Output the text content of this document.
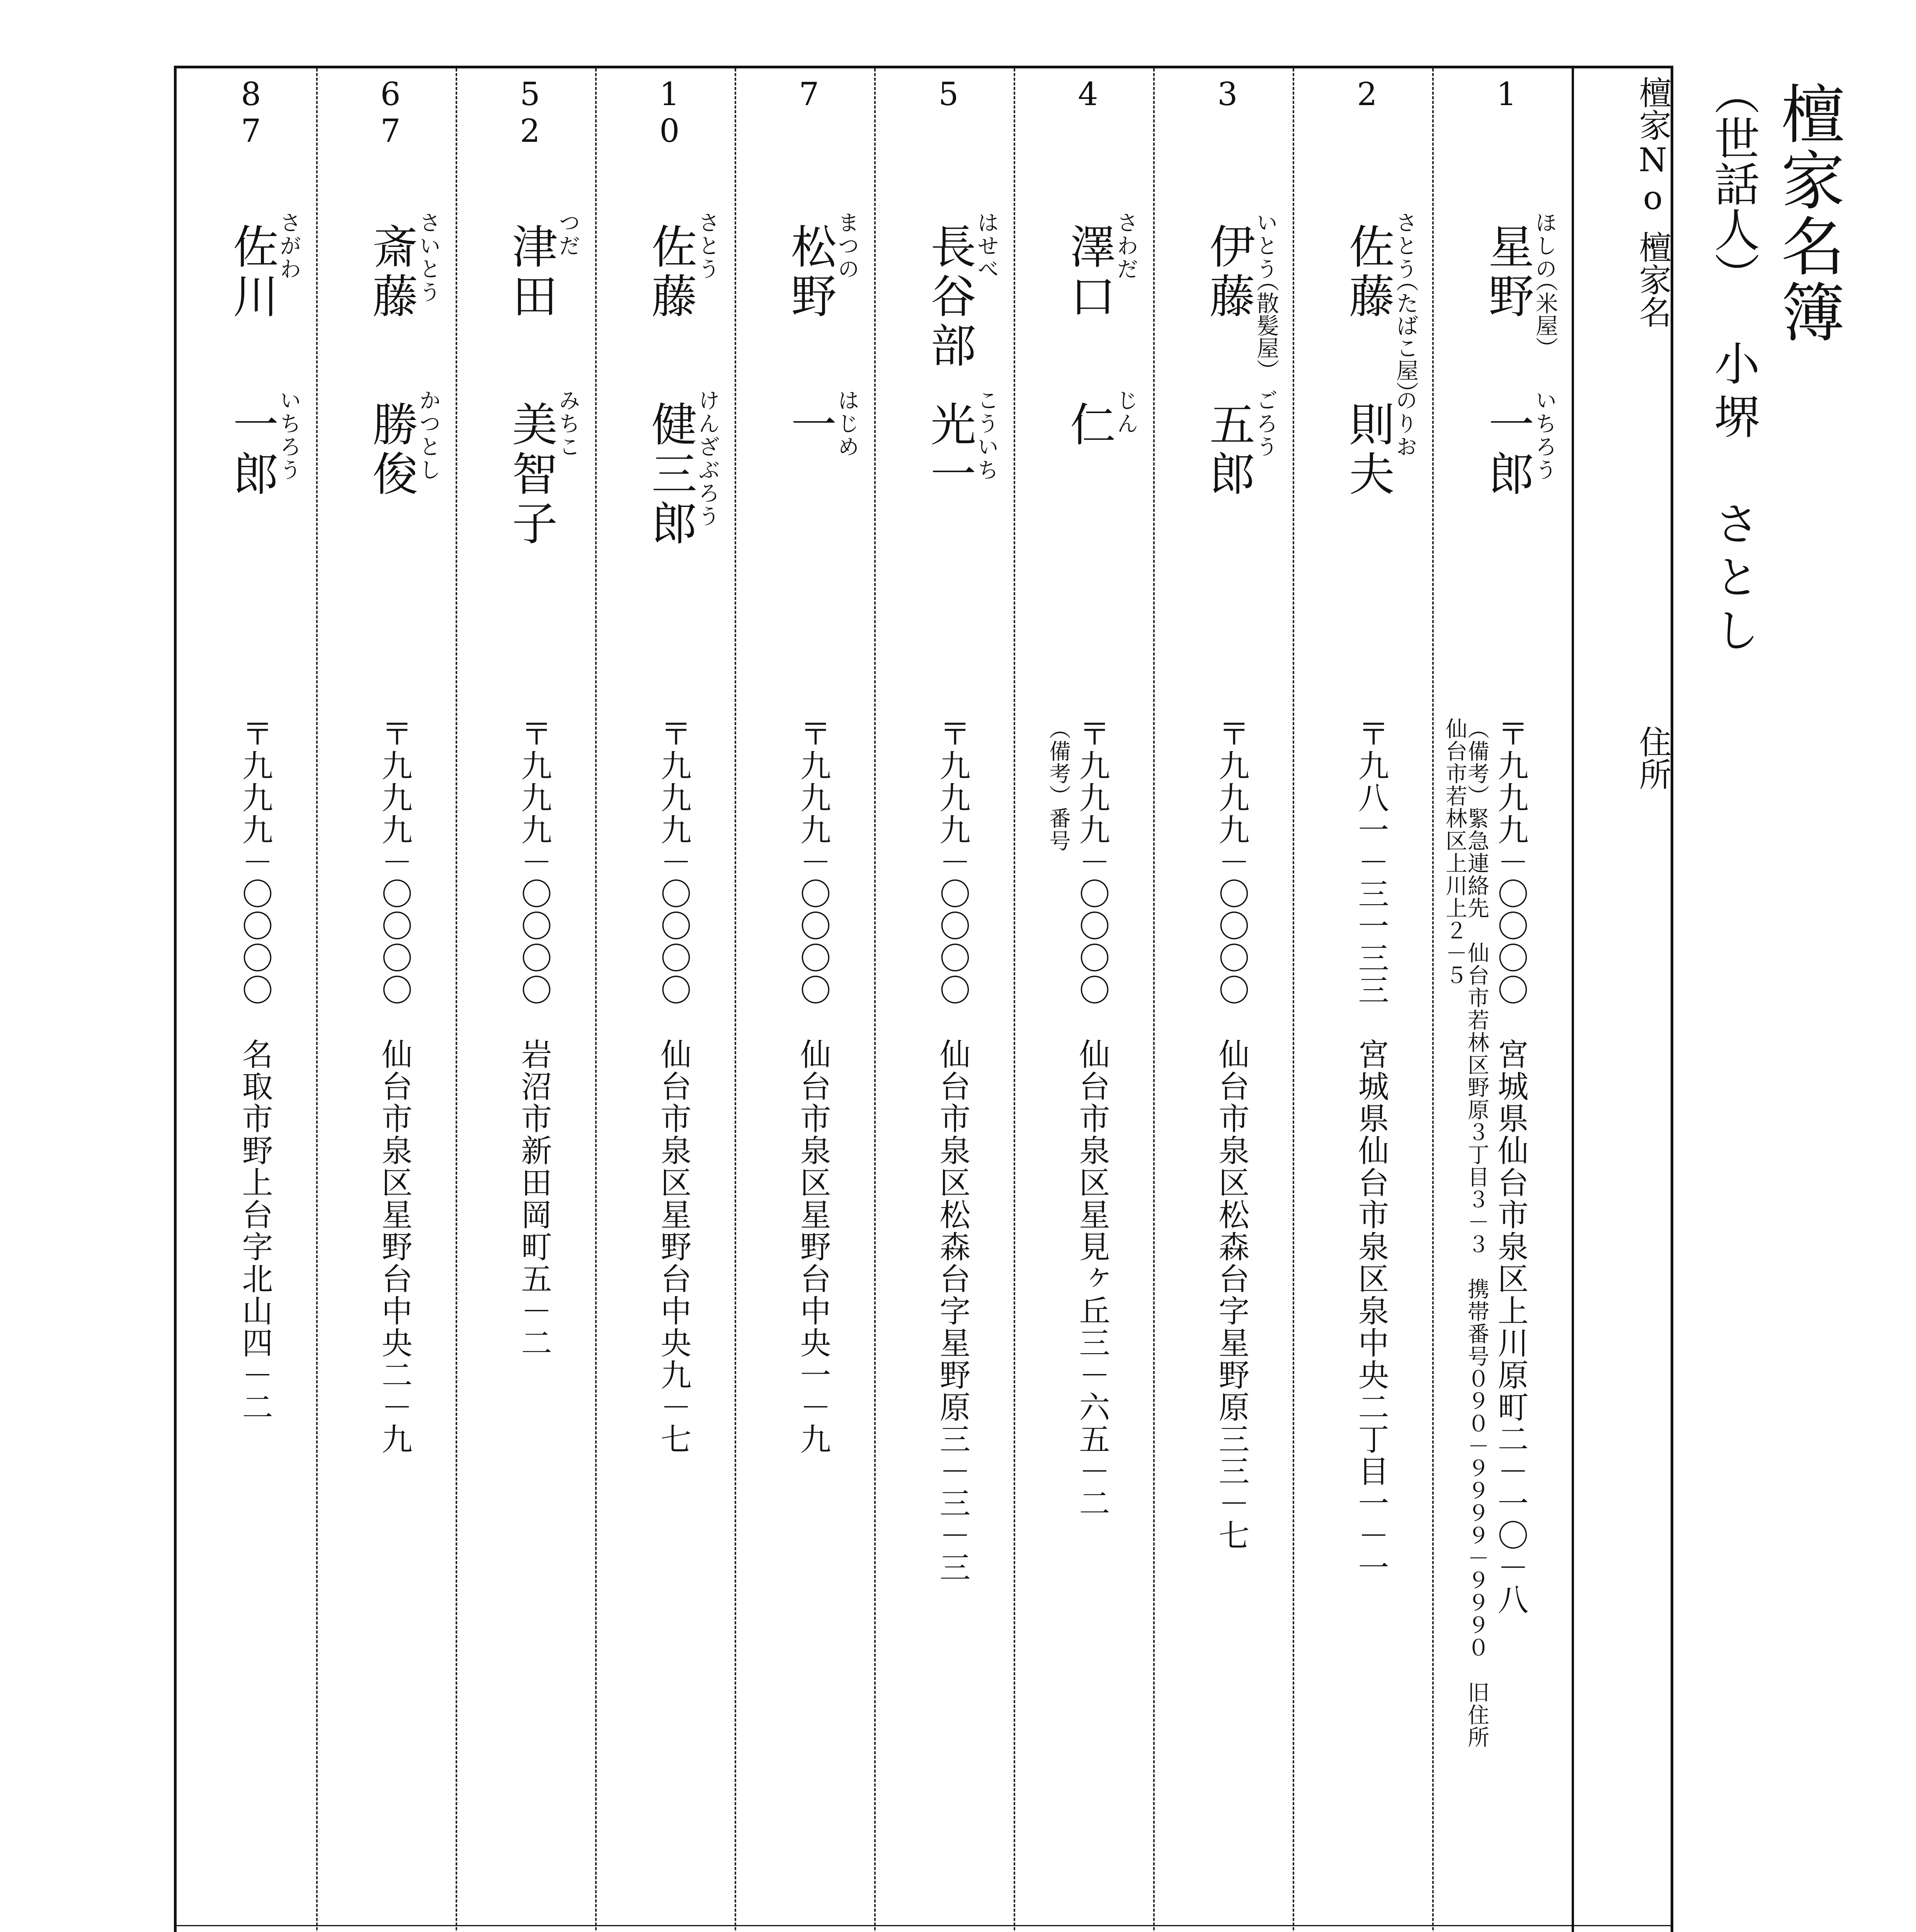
檀家名簿
（世話人）
小堺　さとし
檀家No.
檀家名
住所
1
ほしの
いちろう
星野
一郎
（米屋）
〒九九九－〇〇〇〇　宮城県仙台市泉区上川原町二－一〇－八
（備考）緊急連絡先　仙台市若林区野原３丁目３－３　携帯番号０９０－９９９９－９９９０　旧住所
仙台市若林区上川上２－５
2
さとう
のりお
佐藤
則夫
（たばこ屋）
〒九八一－三一三三　宮城県仙台市泉区泉中央二丁目一－一
3
いとう
ごろう
伊藤
五郎
（散髪屋）
〒九九九－〇〇〇〇　仙台市泉区松森台字星野原三三－七
4
さわだ
じん
澤口
仁
〒九九九－〇〇〇〇　仙台市泉区星見ヶ丘三－六五－二
（備考）番号
5
はせべ
こういち
長谷部
光一
〒九九九－〇〇〇〇　仙台市泉区松森台字星野原三－三－三
7
まつの
はじめ
松野
一
〒九九九－〇〇〇〇　仙台市泉区星野台中央一－九
10
さとう
けんざぶろう
佐藤
健三郎
〒九九九－〇〇〇〇　仙台市泉区星野台中央九－七
52
つだ
みちこ
津田
美智子
〒九九九－〇〇〇〇　岩沼市新田岡町五－二
67
さいとう
かつとし
斎藤
勝俊
〒九九九－〇〇〇〇　仙台市泉区星野台中央二－九
87
さがわ
いちろう
佐川
一郎
〒九九九－〇〇〇〇　名取市野上台字北山四－二
